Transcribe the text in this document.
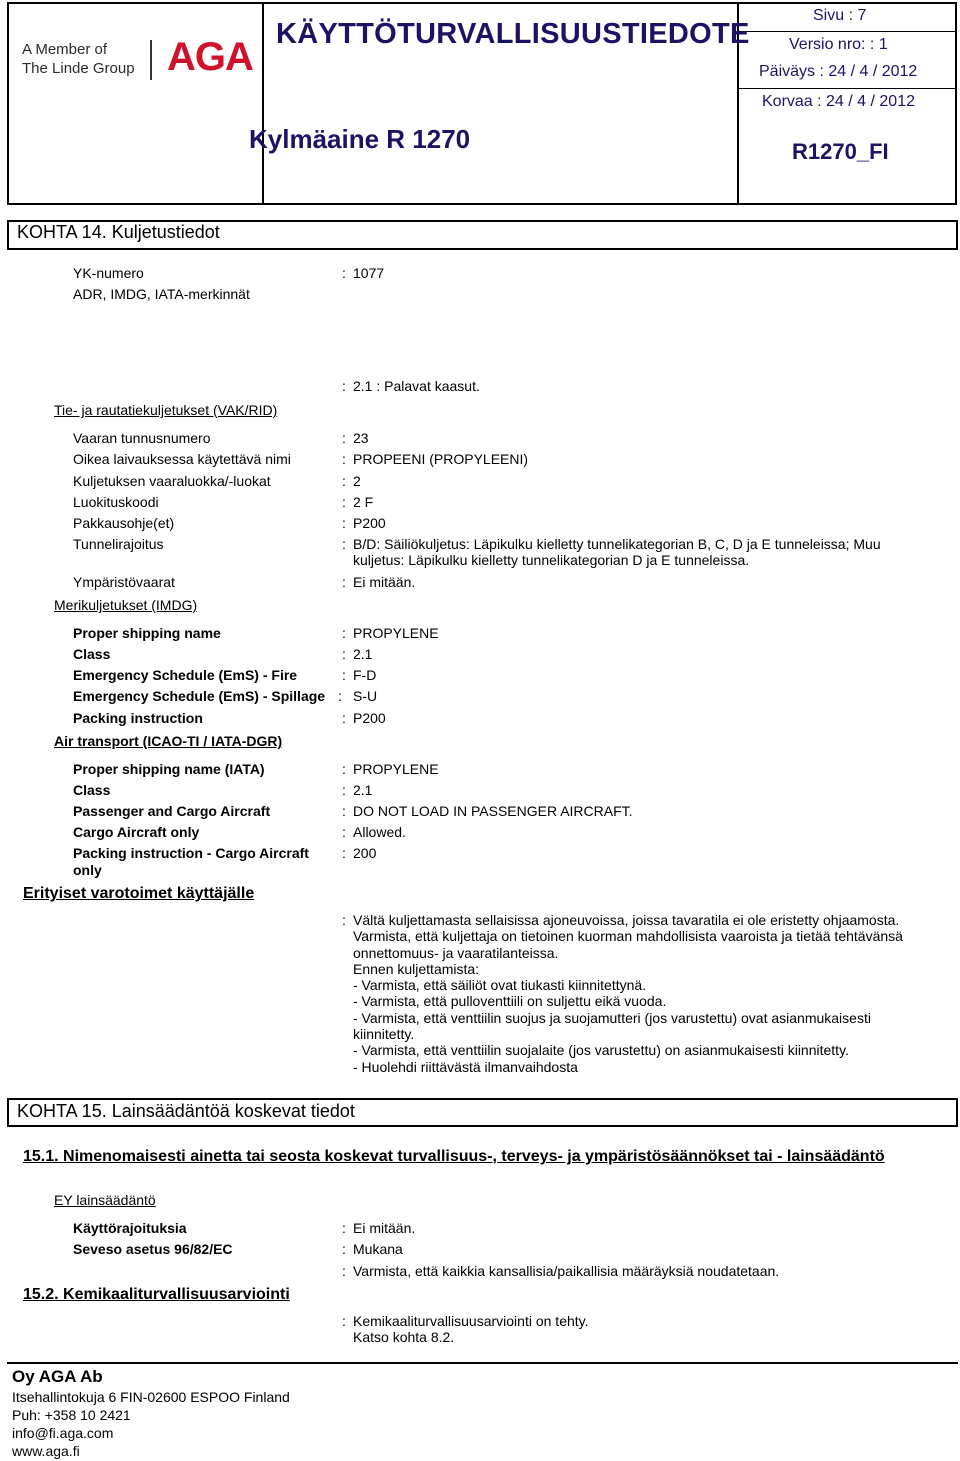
A Member of
The Linde Group AGA
KÄYTTÖTURVALLISUUSTIEDOTE
Kylmäaine R 1270
Sivu : 7
Versio nro: : 1
Päiväys : 24 / 4 / 2012
Korvaa : 24 / 4 / 2012
R1270_FI
KOHTA 14. Kuljetustiedot
YK-numero	: 1077
ADR, IMDG, IATA-merkinnät
: 2.1 : Palavat kaasut.
Tie- ja rautatiekuljetukset (VAK/RID)
Vaaran tunnusnumero	: 23
Oikea laivauksessa käytettävä nimi	: PROPEENI (PROPYLEENI)
Kuljetuksen vaaraluokka/-luokat	: 2
Luokituskoodi	: 2 F
Pakkausohje(et)	: P200
Tunnelirajoitus	: B/D: Säiliökuljetus: Läpikulku kielletty tunnelikategorian B, C, D ja E tunneleissa; Muu kuljetus: Läpikulku kielletty tunnelikategorian D ja E tunneleissa.
Ympäristövaarat	: Ei mitään.
Merikuljetukset (IMDG)
Proper shipping name	: PROPYLENE
Class	: 2.1
Emergency Schedule (EmS) - Fire	: F-D
Emergency Schedule (EmS) - Spillage : S-U
Packing instruction	: P200
Air transport (ICAO-TI / IATA-DGR)
Proper shipping name (IATA)	: PROPYLENE
Class	: 2.1
Passenger and Cargo Aircraft	: DO NOT LOAD IN PASSENGER AIRCRAFT.
Cargo Aircraft only	: Allowed.
Packing instruction - Cargo Aircraft only
: 200
Erityiset varotoimet käyttäjälle
: Vältä kuljettamasta sellaisissa ajoneuvoissa, joissa tavaratila ei ole eristetty ohjaamosta.
Varmista, että kuljettaja on tietoinen kuorman mahdollisista vaaroista ja tietää tehtävänsä onnettomuus- ja vaaratilanteissa.
Ennen kuljettamista:
- Varmista, että säiliöt ovat tiukasti kiinnitettynä.
- Varmista, että pulloventtiili on suljettu eikä vuoda.
- Varmista, että venttiilin suojus ja suojamutteri (jos varustettu) ovat asianmukaisesti kiinnitetty.
- Varmista, että venttiilin suojalaite (jos varustettu) on asianmukaisesti kiinnitetty.
- Huolehdi riittävästä ilmanvaihdosta
KOHTA 15. Lainsäädäntöä koskevat tiedot
15.1. Nimenomaisesti ainetta tai seosta koskevat turvallisuus-, terveys- ja ympäristösäännökset tai - lainsäädäntö
EY lainsäädäntö
Käyttörajoituksia	: Ei mitään.
Seveso asetus 96/82/EC	: Mukana
: Varmista, että kaikkia kansallisia/paikallisia määräyksiä noudatetaan.
15.2. Kemikaaliturvallisuusarviointi
: Kemikaaliturvallisuusarviointi on tehty.
Katso kohta 8.2.
Oy AGA Ab
Itsehallintokuja 6 FIN-02600 ESPOO Finland
Puh: +358 10 2421
info@fi.aga.com
www.aga.fi
